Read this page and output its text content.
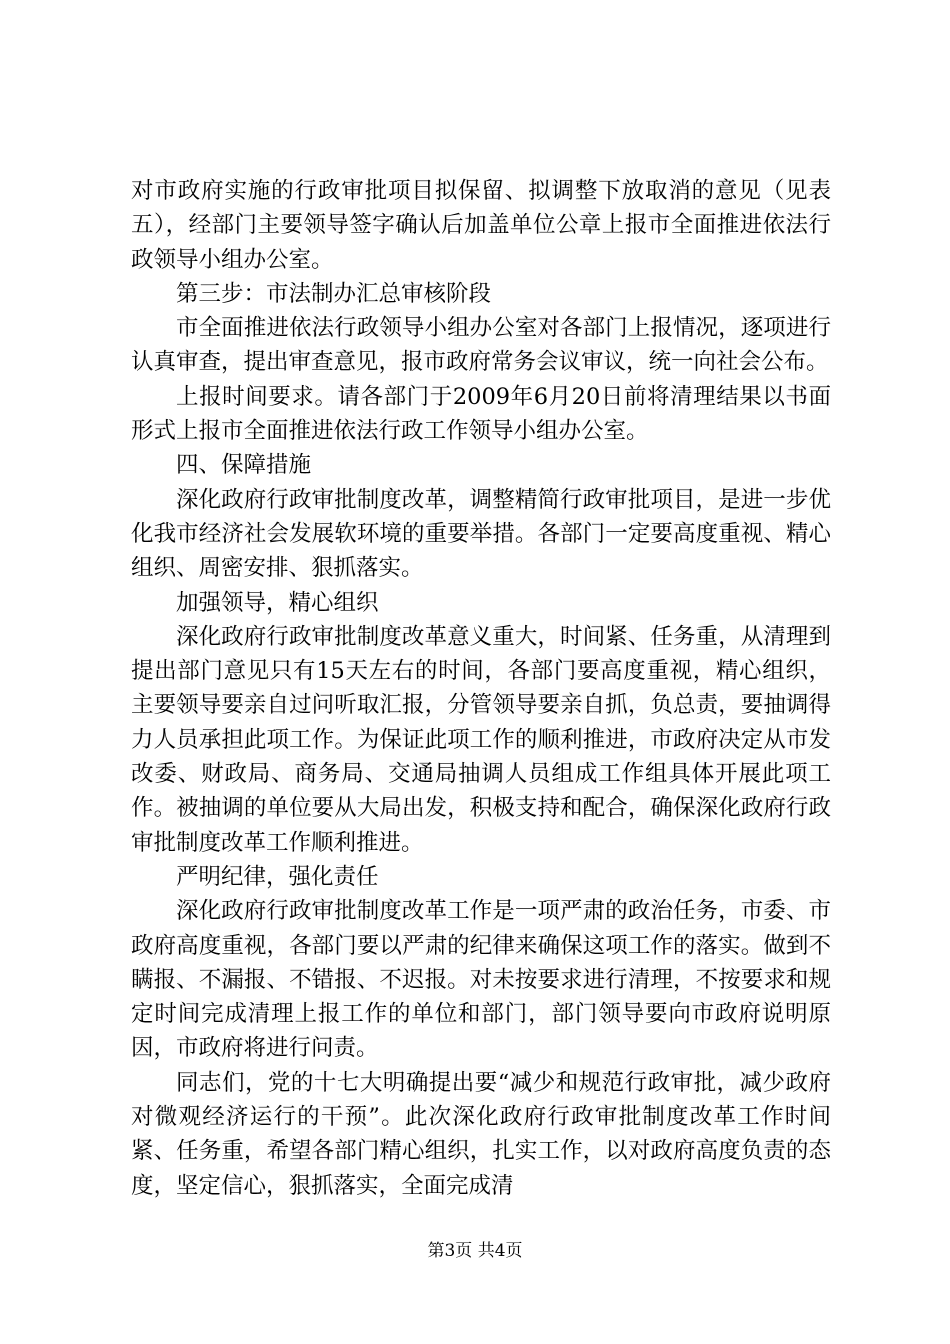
对市政府实施的行政审批项目拟保留、拟调整下放取消的意见（见表五），经部门主要领导签字确认后加盖单位公章上报市全面推进依法行政领导小组办公室。

第三步：市法制办汇总审核阶段

市全面推进依法行政领导小组办公室对各部门上报情况，逐项进行认真审查，提出审查意见，报市政府常务会议审议，统一向社会公布。

上报时间要求。请各部门于2009年6月20日前将清理结果以书面形式上报市全面推进依法行政工作领导小组办公室。

四、保障措施

深化政府行政审批制度改革，调整精简行政审批项目，是进一步优化我市经济社会发展软环境的重要举措。各部门一定要高度重视、精心组织、周密安排、狠抓落实。

加强领导，精心组织

深化政府行政审批制度改革意义重大，时间紧、任务重，从清理到提出部门意见只有15天左右的时间，各部门要高度重视，精心组织，主要领导要亲自过问听取汇报，分管领导要亲自抓，负总责，要抽调得力人员承担此项工作。为保证此项工作的顺利推进，市政府决定从市发改委、财政局、商务局、交通局抽调人员组成工作组具体开展此项工作。被抽调的单位要从大局出发，积极支持和配合，确保深化政府行政审批制度改革工作顺利推进。

严明纪律，强化责任

深化政府行政审批制度改革工作是一项严肃的政治任务，市委、市政府高度重视，各部门要以严肃的纪律来确保这项工作的落实。做到不瞒报、不漏报、不错报、不迟报。对未按要求进行清理，不按要求和规定时间完成清理上报工作的单位和部门，部门领导要向市政府说明原因，市政府将进行问责。

同志们，党的十七大明确提出要“减少和规范行政审批，减少政府对微观经济运行的干预”。此次深化政府行政审批制度改革工作时间紧、任务重，希望各部门精心组织，扎实工作，以对政府高度负责的态度，坚定信心，狠抓落实，全面完成清

第3页 共4页
